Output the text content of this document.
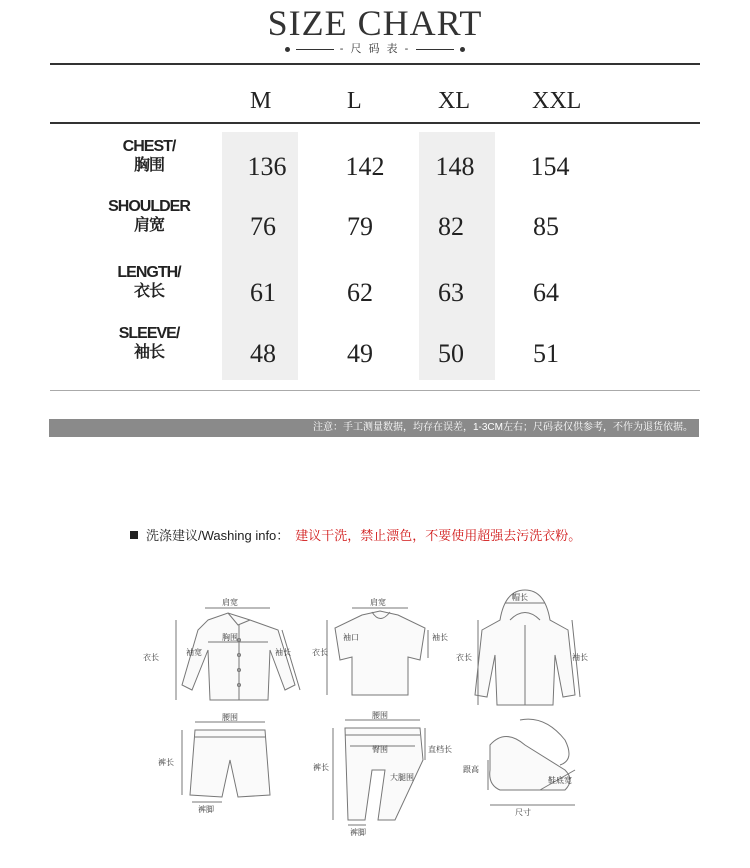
SIZE CHART
- 尺 码 表 -
M	L	XL	XXL
CHEST/
胸围	136	142	148	154
SHOULDER
肩宽	76	79	82	85
LENGTH/
衣长	61	62	63	64
SLEEVE/
袖长	48	49	50	51
注意：手工测量数据，均存在误差，1-3CM左右；尺码表仅供参考，不作为退货依据。
洗涤建议/Washing info： 建议干洗，禁止漂色，不要使用超强去污洗衣粉。
肩宽
胸围
衣长
袖宽	袖长
肩宽
袖口
衣长
袖长
帽长
衣长	袖长
腰围
裤长
裤脚
腰围
臀围	直档长
大腿围
裤长
裤脚
跟高
鞋底宽
尺寸
